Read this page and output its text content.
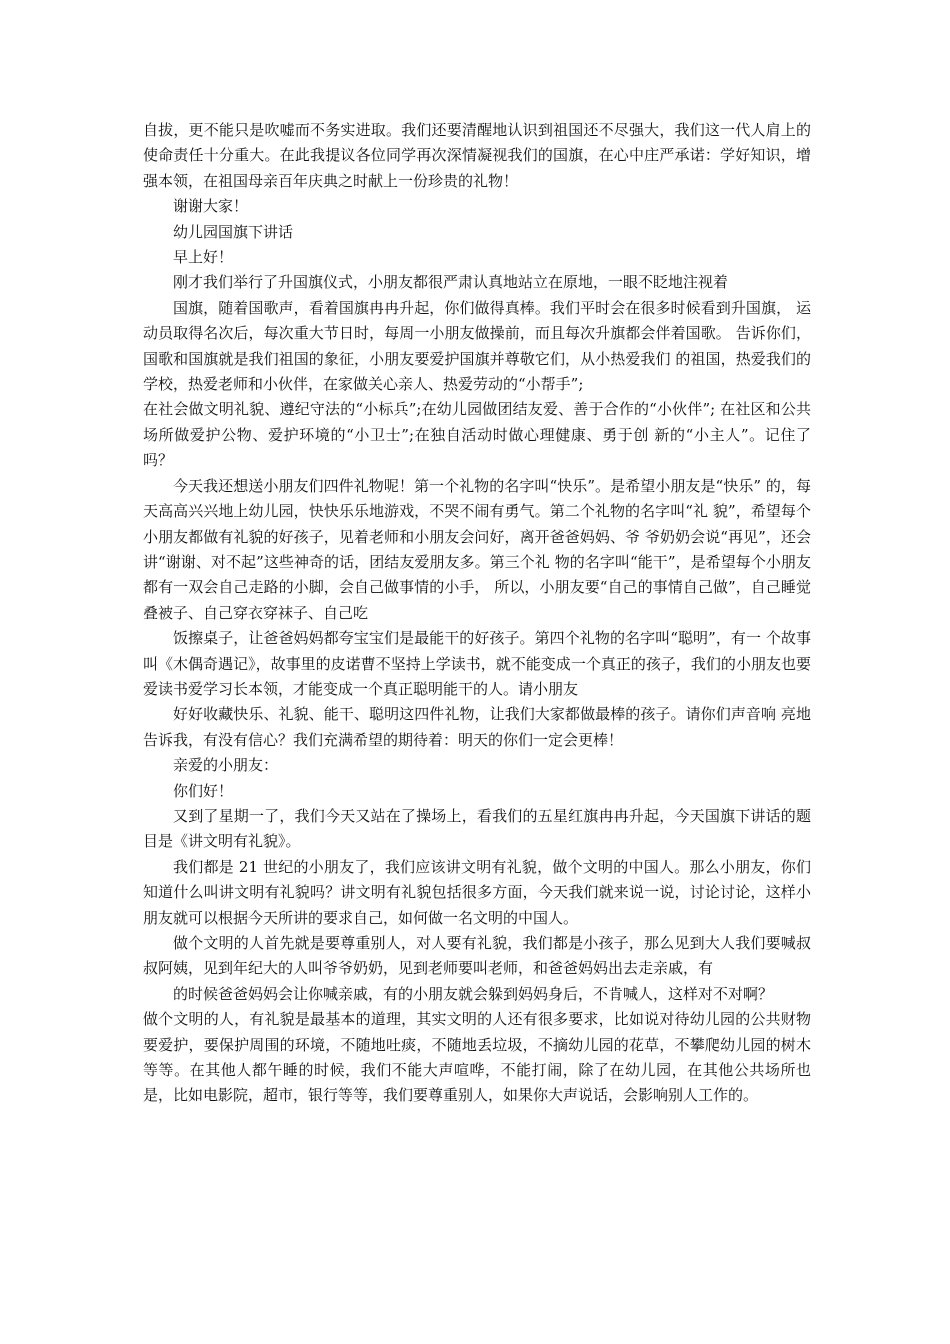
自拔，更不能只是吹嘘而不务实进取。我们还要清醒地认识到祖国还不尽强大，我们这一代人肩上的使命责任十分重大。在此我提议各位同学再次深情凝视我们的国旗，在心中庄严承诺：学好知识，增强本领，在祖国母亲百年庆典之时献上一份珍贵的礼物！

谢谢大家！

幼儿园国旗下讲话

早上好！

刚才我们举行了升国旗仪式，小朋友都很严肃认真地站立在原地，一眼不眨地注视着

国旗，随着国歌声，看着国旗冉冉升起，你们做得真棒。我们平时会在很多时候看到升国旗， 运动员取得名次后，每次重大节日时，每周一小朋友做操前，而且每次升旗都会伴着国歌。 告诉你们，国歌和国旗就是我们祖国的象征，小朋友要爱护国旗并尊敬它们，从小热爱我们 的祖国，热爱我们的学校，热爱老师和小伙伴，在家做关心亲人、热爱劳动的“小帮手”;

在社会做文明礼貌、遵纪守法的“小标兵”;在幼儿园做团结友爱、善于合作的“小伙伴”; 在社区和公共场所做爱护公物、爱护环境的“小卫士”;在独自活动时做心理健康、勇于创 新的“小主人”。记住了吗？

今天我还想送小朋友们四件礼物呢！第一个礼物的名字叫“快乐”。是希望小朋友是“快乐” 的，每天高高兴兴地上幼儿园，快快乐乐地游戏，不哭不闹有勇气。第二个礼物的名字叫“礼 貌”，希望每个小朋友都做有礼貌的好孩子，见着老师和小朋友会问好，离开爸爸妈妈、爷 爷奶奶会说“再见”，还会讲“谢谢、对不起”这些神奇的话，团结友爱朋友多。第三个礼 物的名字叫“能干”，是希望每个小朋友都有一双会自己走路的小脚，会自己做事情的小手， 所以，小朋友要“自己的事情自己做”，自己睡觉叠被子、自己穿衣穿袜子、自己吃

饭擦桌子，让爸爸妈妈都夸宝宝们是最能干的好孩子。第四个礼物的名字叫“聪明”，有一 个故事叫《木偶奇遇记》，故事里的皮诺曹不坚持上学读书，就不能变成一个真正的孩子，我们的小朋友也要爱读书爱学习长本领，才能变成一个真正聪明能干的人。请小朋友

好好收藏快乐、礼貌、能干、聪明这四件礼物，让我们大家都做最棒的孩子。请你们声音响 亮地告诉我，有没有信心？我们充满希望的期待着：明天的你们一定会更棒！

亲爱的小朋友：

你们好！

又到了星期一了，我们今天又站在了操场上，看我们的五星红旗冉冉升起，今天国旗下讲话的题目是《讲文明有礼貌》。

我们都是 21 世纪的小朋友了，我们应该讲文明有礼貌，做个文明的中国人。那么小朋友，你们知道什么叫讲文明有礼貌吗？讲文明有礼貌包括很多方面，今天我们就来说一说，讨论讨论，这样小朋友就可以根据今天所讲的要求自己，如何做一名文明的中国人。

做个文明的人首先就是要尊重别人，对人要有礼貌，我们都是小孩子，那么见到大人我们要喊叔叔阿姨，见到年纪大的人叫爷爷奶奶，见到老师要叫老师，和爸爸妈妈出去走亲戚，有

的时候爸爸妈妈会让你喊亲戚，有的小朋友就会躲到妈妈身后，不肯喊人，这样对不对啊？

做个文明的人，有礼貌是最基本的道理，其实文明的人还有很多要求，比如说对待幼儿园的公共财物要爱护，要保护周围的环境，不随地吐痰，不随地丢垃圾，不摘幼儿园的花草，不攀爬幼儿园的树木等等。在其他人都午睡的时候，我们不能大声喧哗，不能打闹，除了在幼儿园，在其他公共场所也是，比如电影院，超市，银行等等，我们要尊重别人，如果你大声说话，会影响别人工作的。
